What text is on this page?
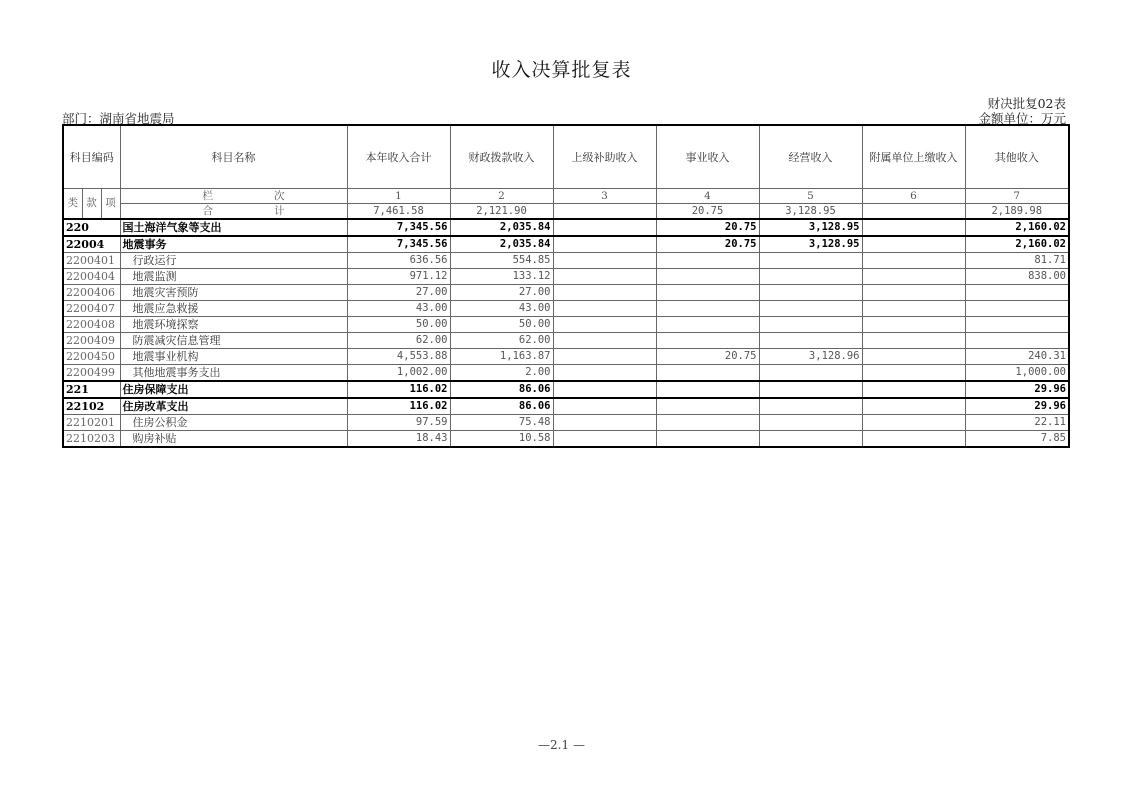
收入决算批复表
财决批复02表
部门：湖南省地震局	金额单位：万元
科目编码			科目名称	本年收入合计	财政拨款收入	上级补助收入	事业收入	经营收入	附属单位上缴收入	其他收入
类	款	项	栏 次	1	2	3	4	5	6	7

			合 计	7,461.58	2,121.90		20.75	3,128.95		2,189.98
220			国土海洋气象等支出	7,345.56	2,035.84		20.75	3,128.95		2,160.02
22004			地震事务	7,345.56	2,035.84		20.75	3,128.95		2,160.02
2200401			行政运行	636.56	554.85					81.71
2200404			地震监测	971.12	133.12					838.00
2200406			地震灾害预防	27.00	27.00					
2200407			地震应急救援	43.00	43.00					
2200408			地震环境探察	50.00	50.00					
2200409			防震减灾信息管理	62.00	62.00					
2200450			地震事业机构	4,553.88	1,163.87		20.75	3,128.96		240.31
2200499			其他地震事务支出	1,002.00	2.00					1,000.00
221			住房保障支出	116.02	86.06					29.96
22102			住房改革支出	116.02	86.06					29.96
2210201			住房公积金	97.59	75.48					22.11
2210203			购房补贴	18.43	10.58					7.85
—2.1 —
